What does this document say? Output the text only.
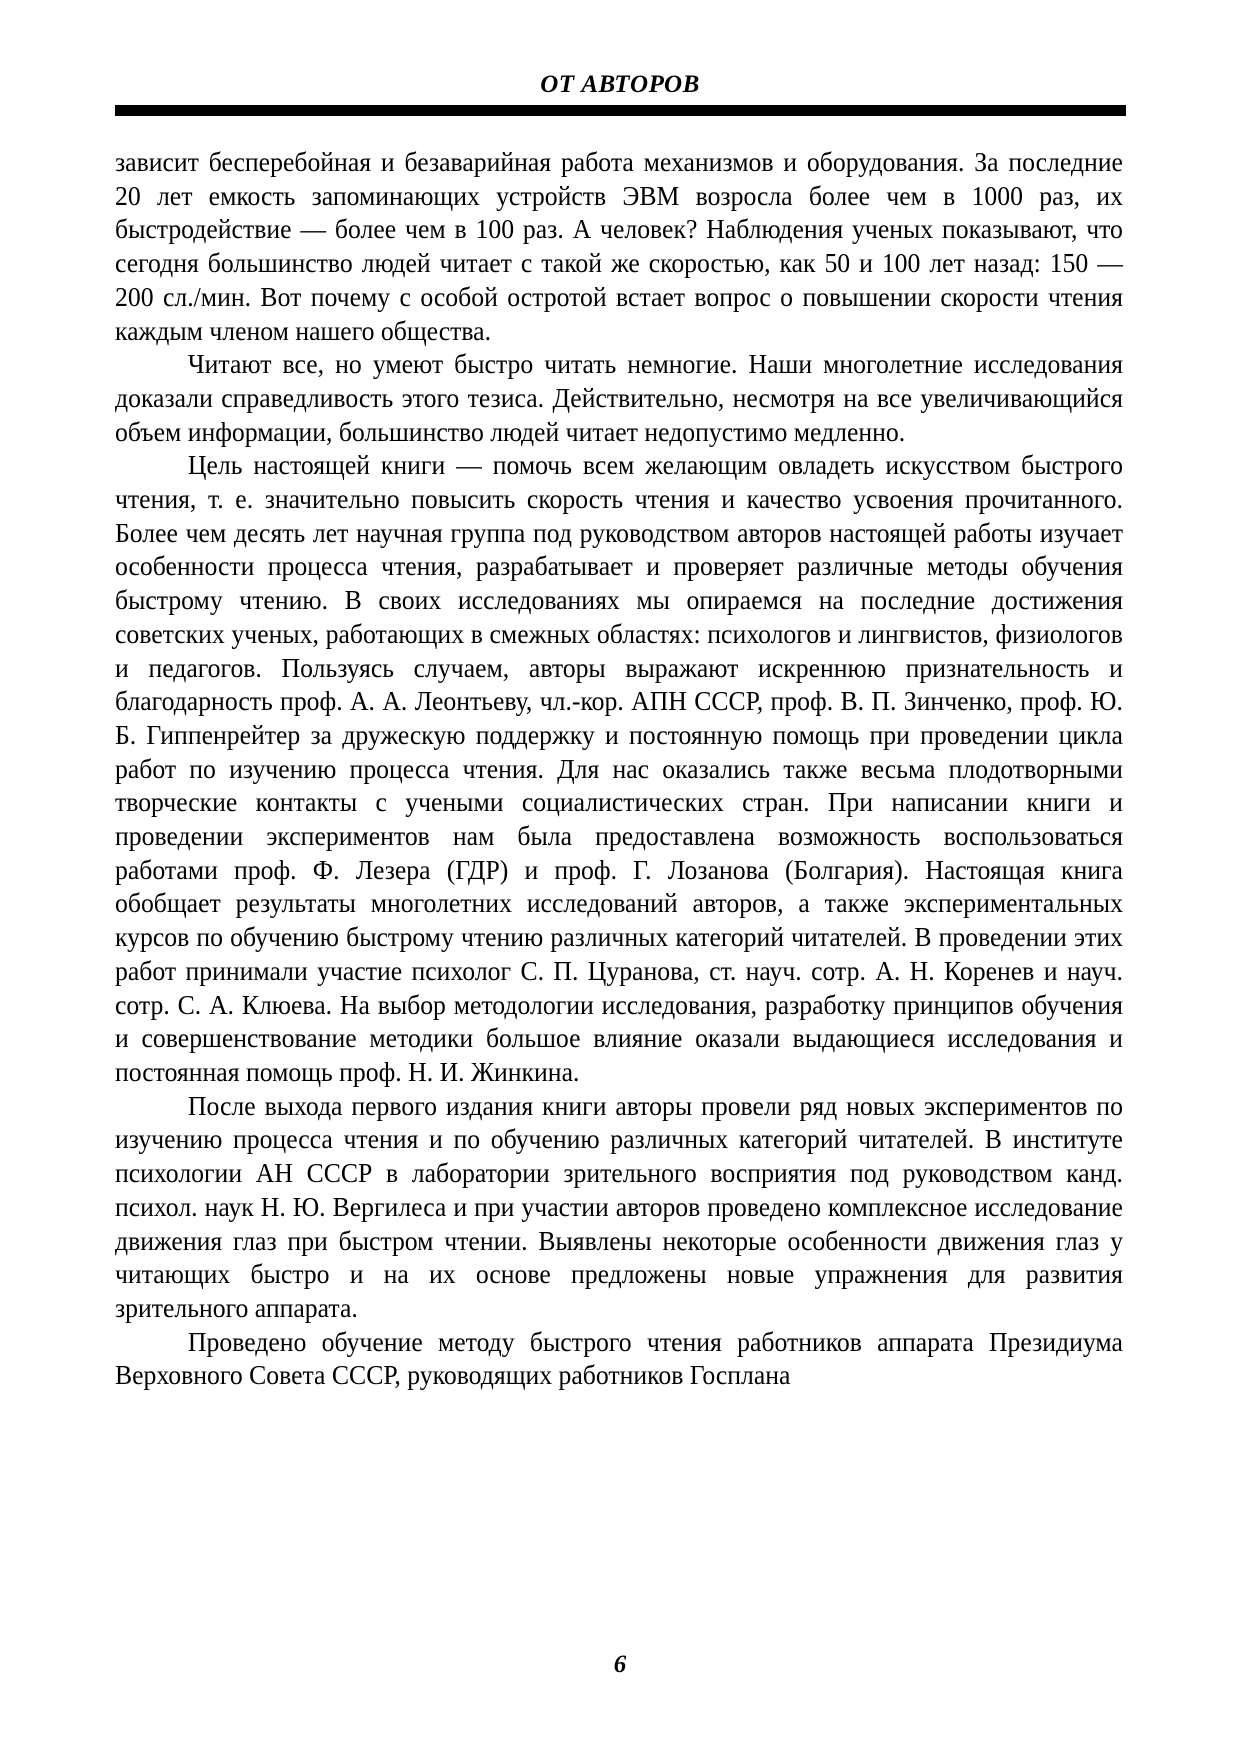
ОТ АВТОРОВ

зависит бесперебойная и безаварийная работа механизмов и оборудования. За последние 20 лет емкость запоминающих устройств ЭВМ возросла более чем в 1000 раз, их быстродействие — более чем в 100 раз. А человек? Наблюдения ученых показывают, что сегодня большинство людей читает с такой же скоростью, как 50 и 100 лет назад: 150 — 200 сл./мин. Вот почему с особой остротой встает вопрос о повышении скорости чтения каждым членом нашего общества.

Читают все, но умеют быстро читать немногие. Наши многолетние исследования доказали справедливость этого тезиса. Действительно, несмотря на все увеличивающийся объем информации, большинство людей читает недопустимо медленно.

Цель настоящей книги — помочь всем желающим овладеть искусством быстрого чтения, т. е. значительно повысить скорость чтения и качество усвоения прочитанного. Более чем десять лет научная группа под руководством авторов настоящей работы изучает особенности процесса чтения, разрабатывает и проверяет различные методы обучения быстрому чтению. В своих исследованиях мы опираемся на последние достижения советских ученых, работающих в смежных областях: психологов и лингвистов, физиологов и педагогов. Пользуясь случаем, авторы выражают искреннюю признательность и благодарность проф. А. А. Леонтьеву, чл.-кор. АПН СССР, проф. В. П. Зинченко, проф. Ю. Б. Гиппенрейтер за дружескую поддержку и постоянную помощь при проведении цикла работ по изучению процесса чтения. Для нас оказались также весьма плодотворными творческие контакты с учеными социалистических стран. При написании книги и проведении экспериментов нам была предоставлена возможность воспользоваться работами проф. Ф. Лезера (ГДР) и проф. Г. Лозанова (Болгария). Настоящая книга обобщает результаты многолетних исследований авторов, а также экспериментальных курсов по обучению быстрому чтению различных категорий читателей. В проведении этих работ принимали участие психолог С. П. Цуранова, ст. науч. сотр. А. Н. Коренев и науч. сотр. С. А. Клюева. На выбор методологии исследования, разработку принципов обучения и совершенствование методики большое влияние оказали выдающиеся исследования и постоянная помощь проф. Н. И. Жинкина.

После выхода первого издания книги авторы провели ряд новых экспериментов по изучению процесса чтения и по обучению различных категорий читателей. В институте психологии АН СССР в лаборатории зрительного восприятия под руководством канд. психол. наук Н. Ю. Вергилеса и при участии авторов проведено комплексное исследование движения глаз при быстром чтении. Выявлены некоторые особенности движения глаз у читающих быстро и на их основе предложены новые упражнения для развития зрительного аппарата.

Проведено обучение методу быстрого чтения работников аппарата Президиума Верховного Совета СССР, руководящих работников Госплана

6
